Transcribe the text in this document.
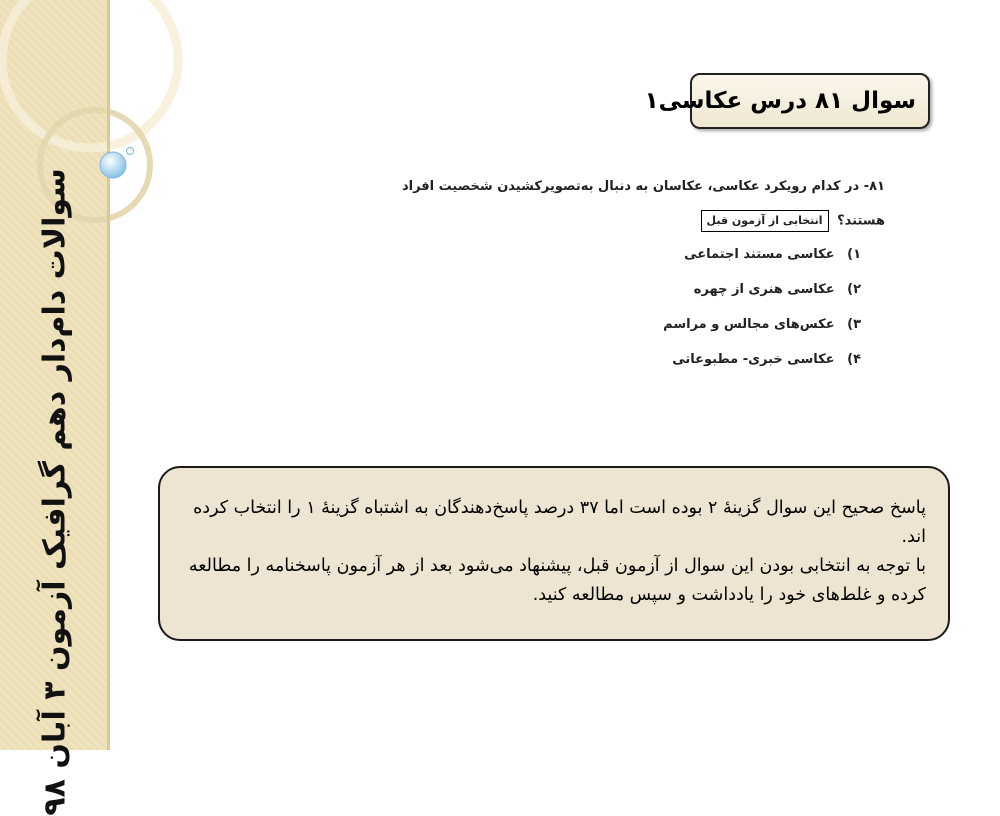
سوالات دام‌دار دهم گرافیک آزمون ۳ آبان ۹۸
سوال ۸۱ درس عکاسی۱
۸۱- در کدام رویکرد عکاسی، عکاسان به دنبال به‌تصویرکشیدن شخصیت افراد
هستند؟ انتخابی از آزمون قبل
۱) عکاسی مستند اجتماعی
۲) عکاسی هنری از چهره
۳) عکس‌های مجالس و مراسم
۴) عکاسی خبری- مطبوعاتی

پاسخ صحیح این سوال گزینهٔ ۲ بوده است اما ۳۷ درصد پاسخ‌دهندگان به اشتباه گزینهٔ ۱ را انتخاب کرده اند.

با توجه به انتخابی بودن این سوال از آزمون قبل، پیشنهاد می‌شود بعد از هر آزمون پاسخنامه را مطالعه کرده و غلط‌های خود را یادداشت و سپس مطالعه کنید.
